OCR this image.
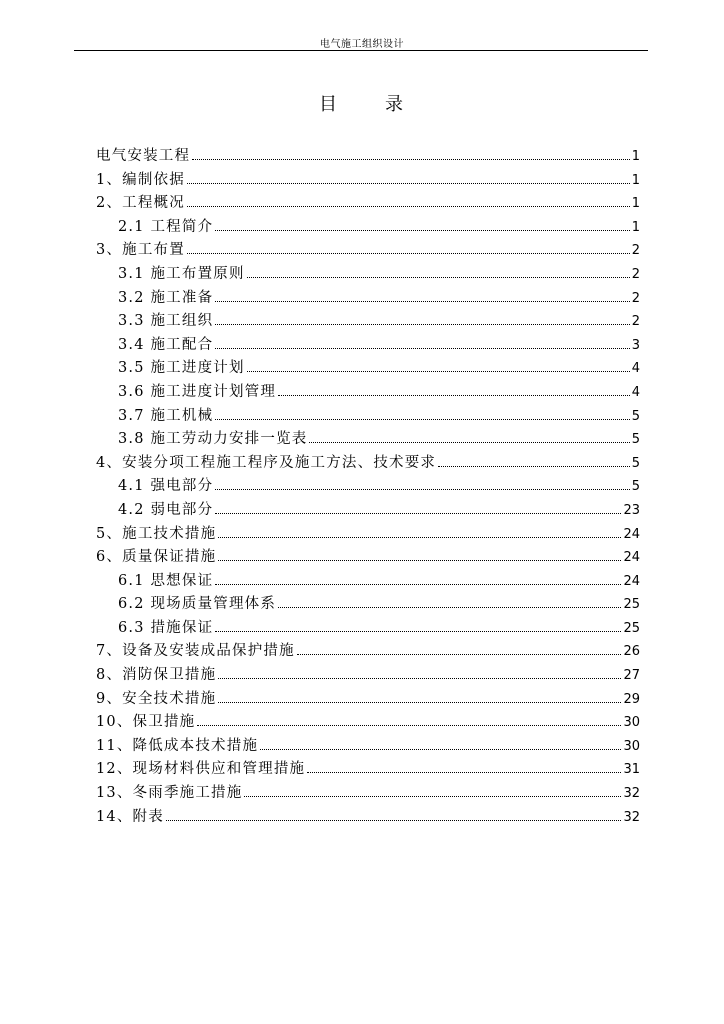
电气施工组织设计
目	录
电气安装工程	1
1、编制依据	1
2、工程概况	1
2.1 工程简介	1
3、施工布置	2
3.1 施工布置原则	2
3.2 施工准备	2
3.3 施工组织	2
3.4 施工配合	3
3.5 施工进度计划	4
3.6 施工进度计划管理	4
3.7 施工机械	5
3.8 施工劳动力安排一览表	5
4、安装分项工程施工程序及施工方法、技术要求	5
4.1 强电部分	5
4.2 弱电部分	23
5、施工技术措施	24
6、质量保证措施	24
6.1 思想保证	24
6.2 现场质量管理体系	25
6.3 措施保证	25
7、设备及安装成品保护措施	26
8、消防保卫措施	27
9、安全技术措施	29
10、保卫措施	30
11、降低成本技术措施	30
12、现场材料供应和管理措施	31
13、冬雨季施工措施	32
14、附表	32
